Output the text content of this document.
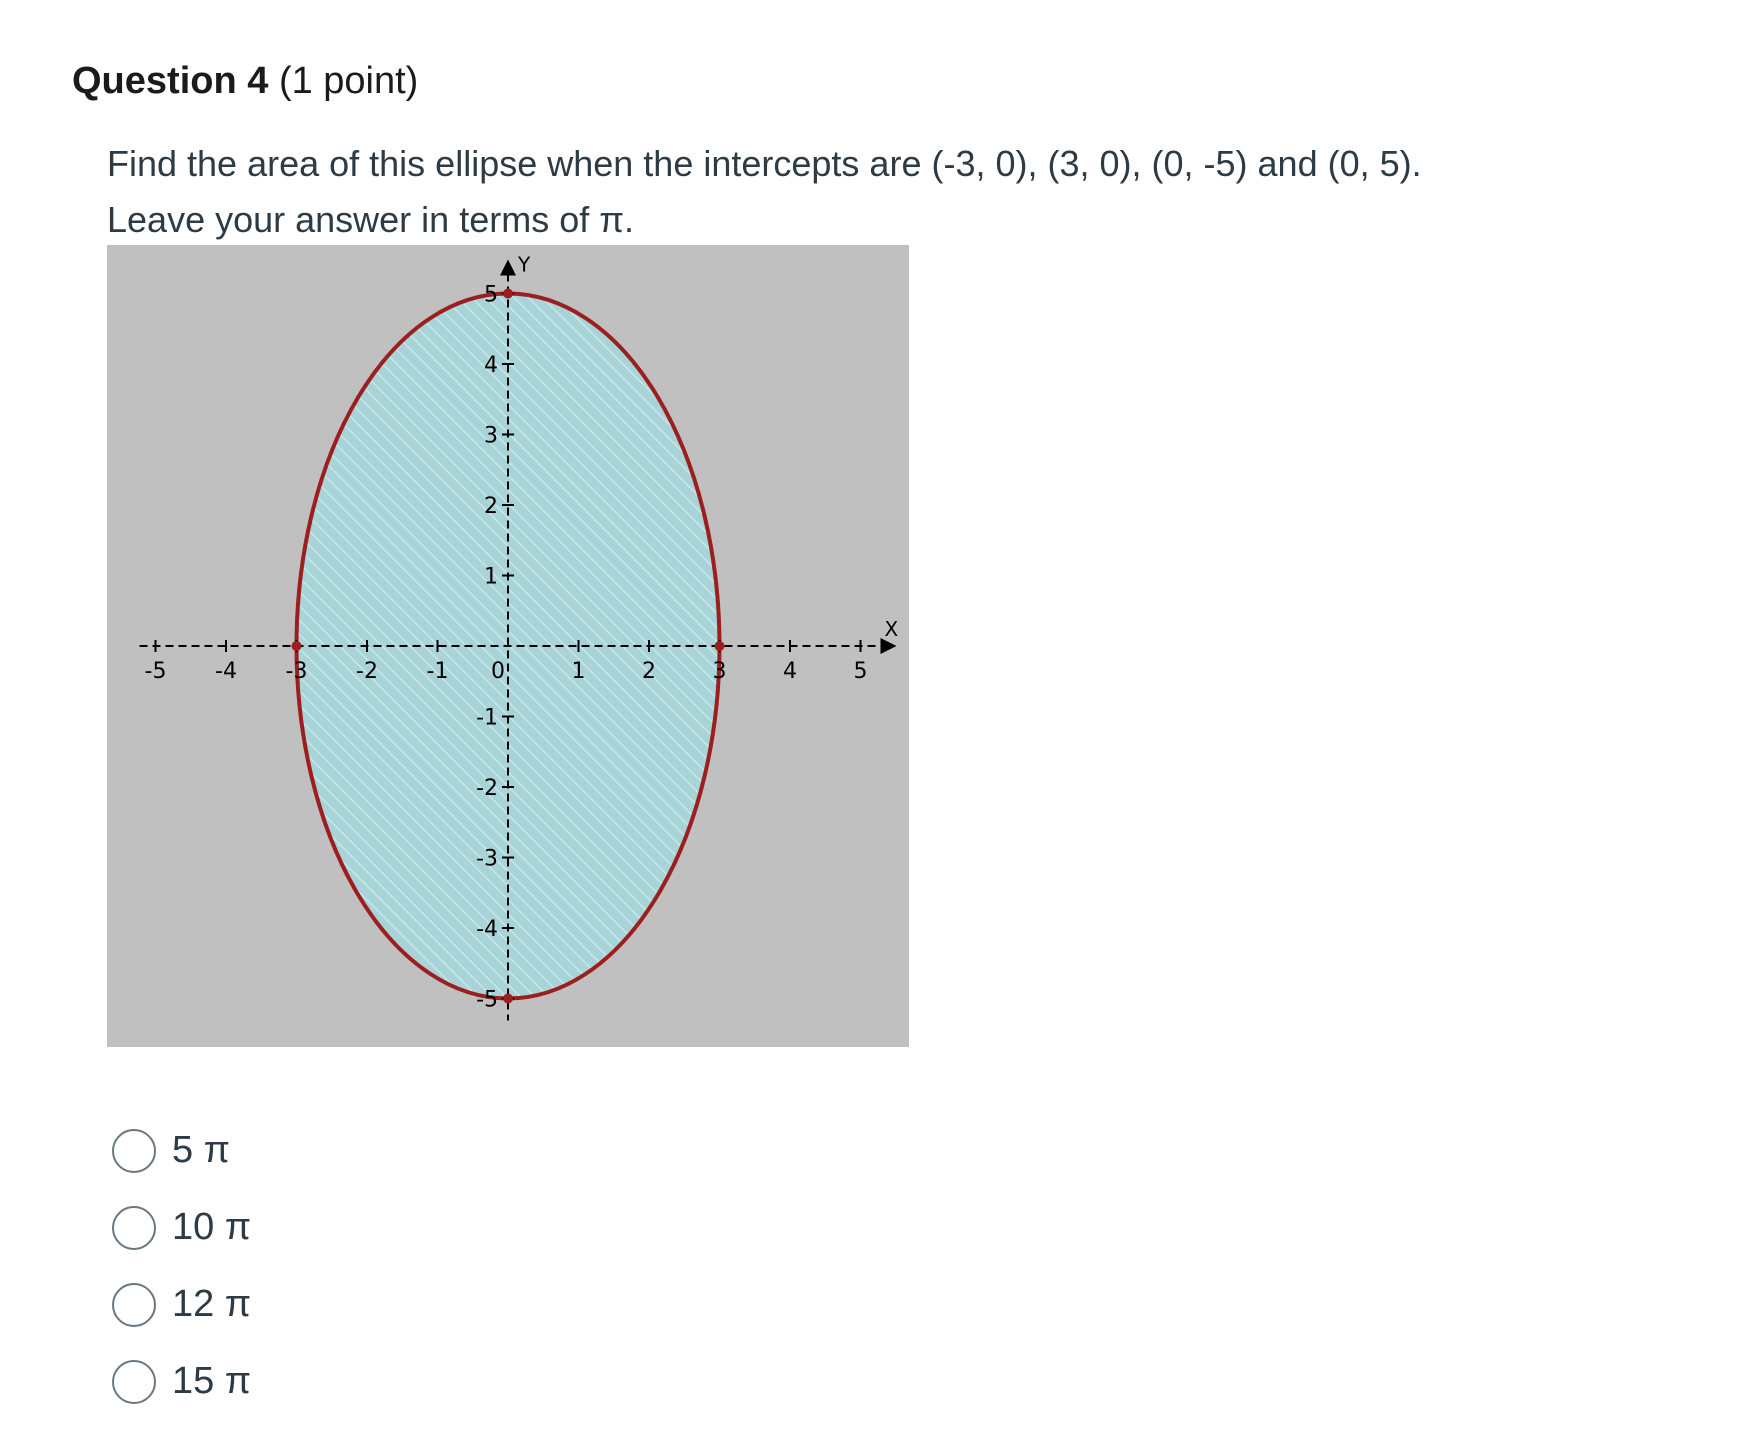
Question 4 (1 point)
Find the area of this ellipse when the intercepts are (-3, 0), (3, 0), (0, -5) and (0, 5).
Leave your answer in terms of π.
X
Y
-5 -4 -3 -2 -1 0	1	2	3	4	5
5
4
3
2
1
-1
-2
-3
-4
-5
5 π
10 π
12 π
15 π
